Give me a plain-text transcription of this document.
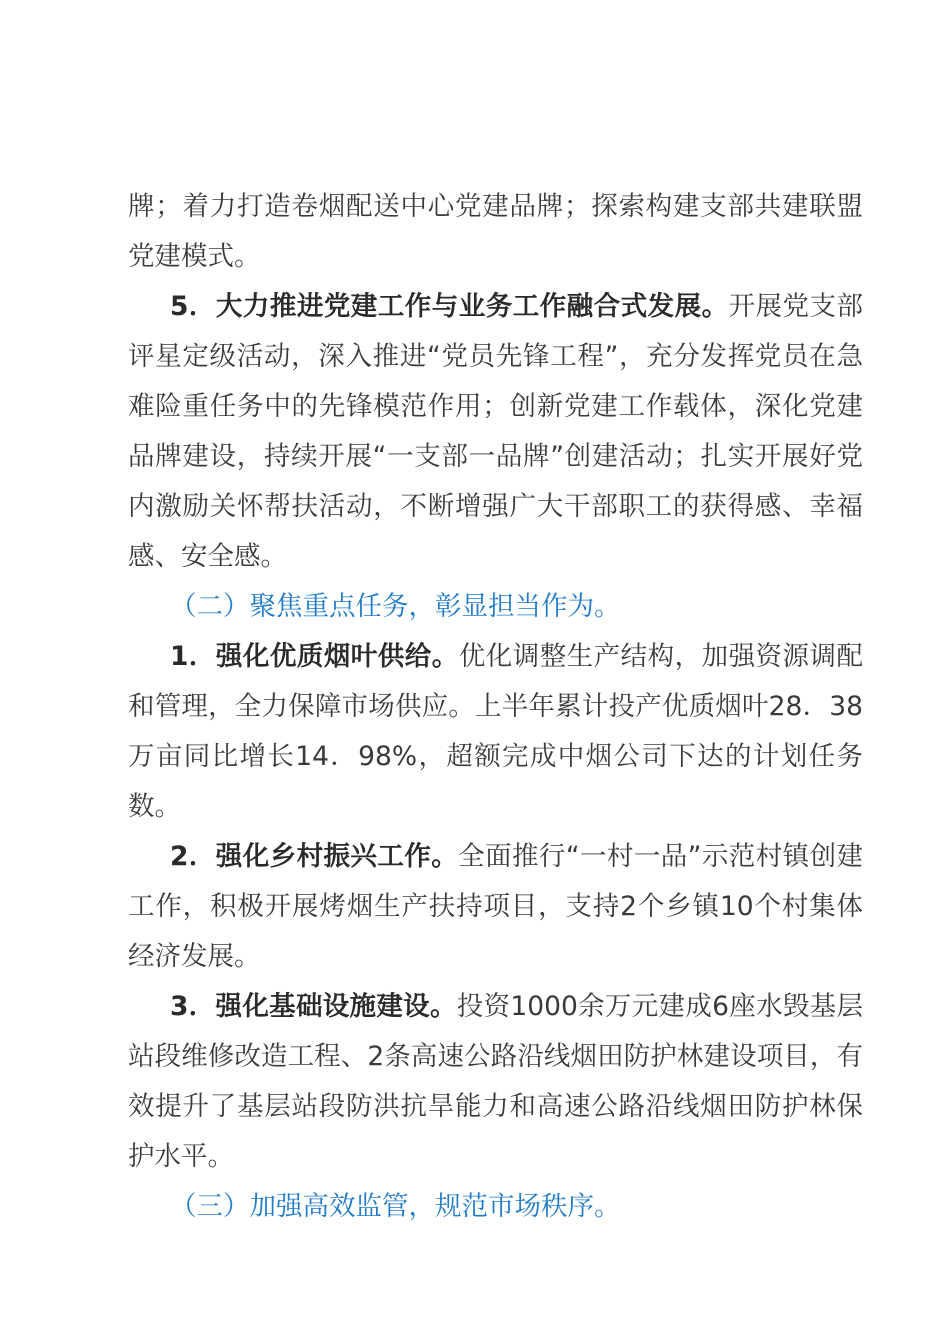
牌；着力打造卷烟配送中心党建品牌；探索构建支部共建联盟党建模式。

5．大力推进党建工作与业务工作融合式发展。开展党支部评星定级活动，深入推进“党员先锋工程”，充分发挥党员在急难险重任务中的先锋模范作用；创新党建工作载体，深化党建品牌建设，持续开展“一支部一品牌”创建活动；扎实开展好党内激励关怀帮扶活动，不断增强广大干部职工的获得感、幸福感、安全感。

（二）聚焦重点任务，彰显担当作为。

1．强化优质烟叶供给。优化调整生产结构，加强资源调配和管理，全力保障市场供应。上半年累计投产优质烟叶28．38万亩同比增长14．98%，超额完成中烟公司下达的计划任务数。

2．强化乡村振兴工作。全面推行“一村一品”示范村镇创建工作，积极开展烤烟生产扶持项目，支持2个乡镇10个村集体经济发展。

3．强化基础设施建设。投资1000余万元建成6座水毁基层站段维修改造工程、2条高速公路沿线烟田防护林建设项目，有效提升了基层站段防洪抗旱能力和高速公路沿线烟田防护林保护水平。

（三）加强高效监管，规范市场秩序。
